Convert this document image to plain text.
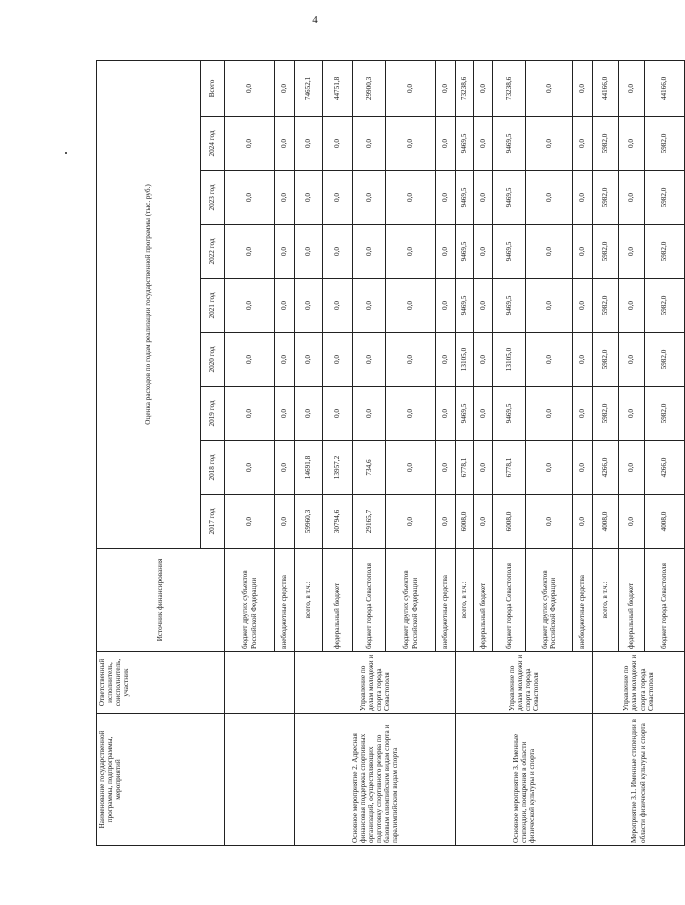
4
Наименование государственной программы, подпрограммы, мероприятий	Ответственный исполнитель, соисполнитель, участник	Источник финансирования	Оценка расходов по годам реализации государственной программы (тыс. руб.)								
			2017 год	2018 год	2019 год	2020 год	2021 год	2022 год	2023 год	2024 год	Всего
		бюджет других субъектов Российской Федерации	0,0	0,0	0,0	0,0	0,0	0,0	0,0	0,0	0,0
		внебюджетные средства	0,0	0,0	0,0	0,0	0,0	0,0	0,0	0,0	0,0
Основное мероприятие 2. Адресная финансовая поддержка спортивных организаций, осуществляющих подготовку спортивного резерва по базовым олимпийским видам спорта и паралимпийским видам спорта	Управление по делам молодежи и спорта города Севастополя	всего, в т.ч.:	59960,3	14691,8	0,0	0,0	0,0	0,0	0,0	0,0	74652,1
		федеральный бюджет	30794,6	13957,2	0,0	0,0	0,0	0,0	0,0	0,0	44751,8
		бюджет города Севастополя	29165,7	734,6	0,0	0,0	0,0	0,0	0,0	0,0	29900,3
		бюджет других субъектов Российской Федерации	0,0	0,0	0,0	0,0	0,0	0,0	0,0	0,0	0,0
		внебюджетные средства	0,0	0,0	0,0	0,0	0,0	0,0	0,0	0,0	0,0
Основное мероприятие 3. Именные стипендии, поощрения в области физической культуры и спорта	Управление по делам молодежи и спорта города Севастополя	всего, в т.ч.:	6008,0	6778,1	9469,5	13105,0	9469,5	9469,5	9469,5	9469,5	73238,6
		федеральный бюджет	0,0	0,0	0,0	0,0	0,0	0,0	0,0	0,0	0,0
		бюджет города Севастополя	6008,0	6778,1	9469,5	13105,0	9469,5	9469,5	9469,5	9469,5	73238,6
		бюджет других субъектов Российской Федерации	0,0	0,0	0,0	0,0	0,0	0,0	0,0	0,0	0,0
		внебюджетные средства	0,0	0,0	0,0	0,0	0,0	0,0	0,0	0,0	0,0
Мероприятие 3.1. Именные стипендии в области физической культуры и спорта	Управление по делам молодежи и спорта города Севастополя	всего, в т.ч.:	4008,0	4266,0	5982,0	5982,0	5982,0	5982,0	5982,0	5982,0	44166,0
		федеральный бюджет	0,0	0,0	0,0	0,0	0,0	0,0	0,0	0,0	0,0
		бюджет города Севастополя	4008,0	4266,0	5982,0	5982,0	5982,0	5982,0	5982,0	5982,0	44166,0
